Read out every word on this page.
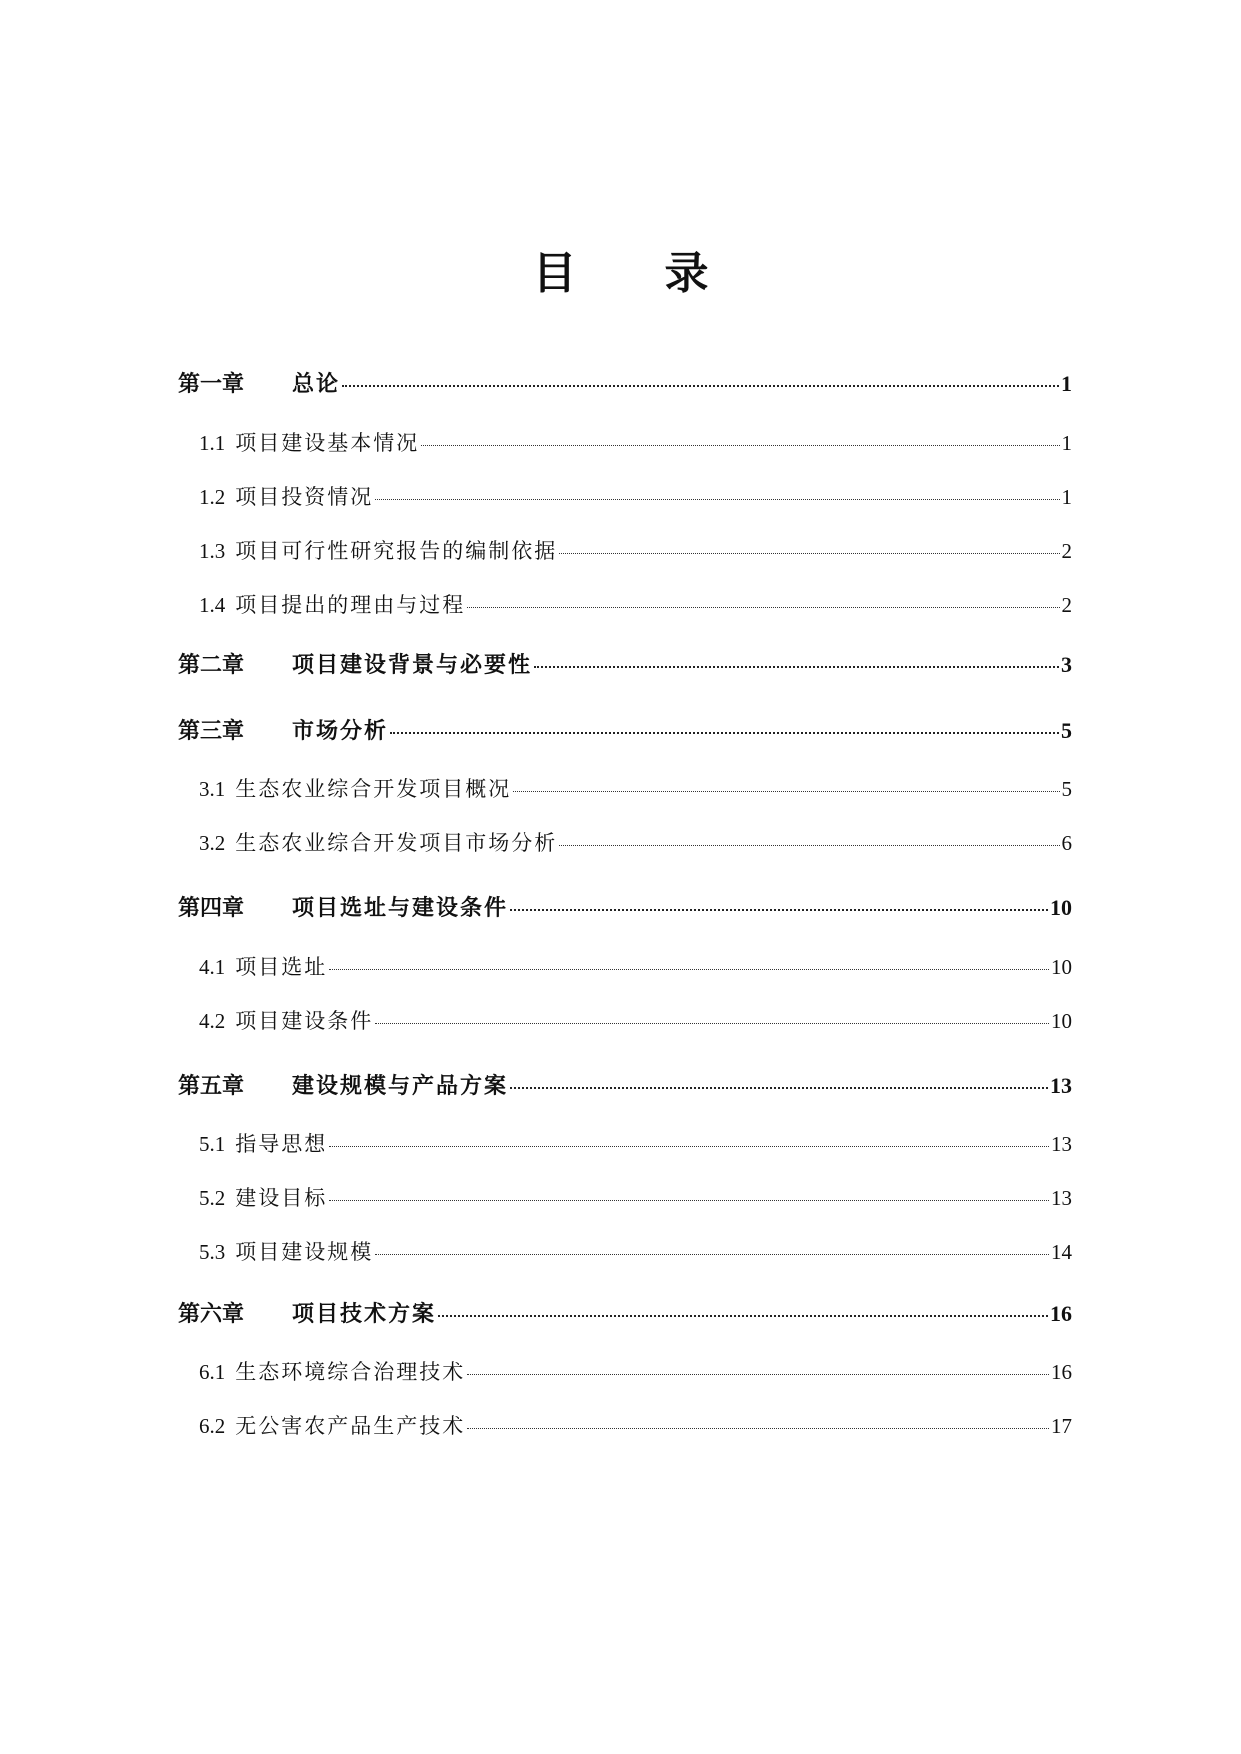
目　　录
第一章	总论	1
1.1 项目建设基本情况	1
1.2 项目投资情况	1
1.3 项目可行性研究报告的编制依据	2
1.4 项目提出的理由与过程	2
第二章	项目建设背景与必要性	3
第三章	市场分析	5
3.1 生态农业综合开发项目概况	5
3.2 生态农业综合开发项目市场分析	6
第四章	项目选址与建设条件	10
4.1 项目选址	10
4.2 项目建设条件	10
第五章	建设规模与产品方案	13
5.1 指导思想	13
5.2 建设目标	13
5.3 项目建设规模	14
第六章	项目技术方案	16
6.1 生态环境综合治理技术	16
6.2 无公害农产品生产技术	17
